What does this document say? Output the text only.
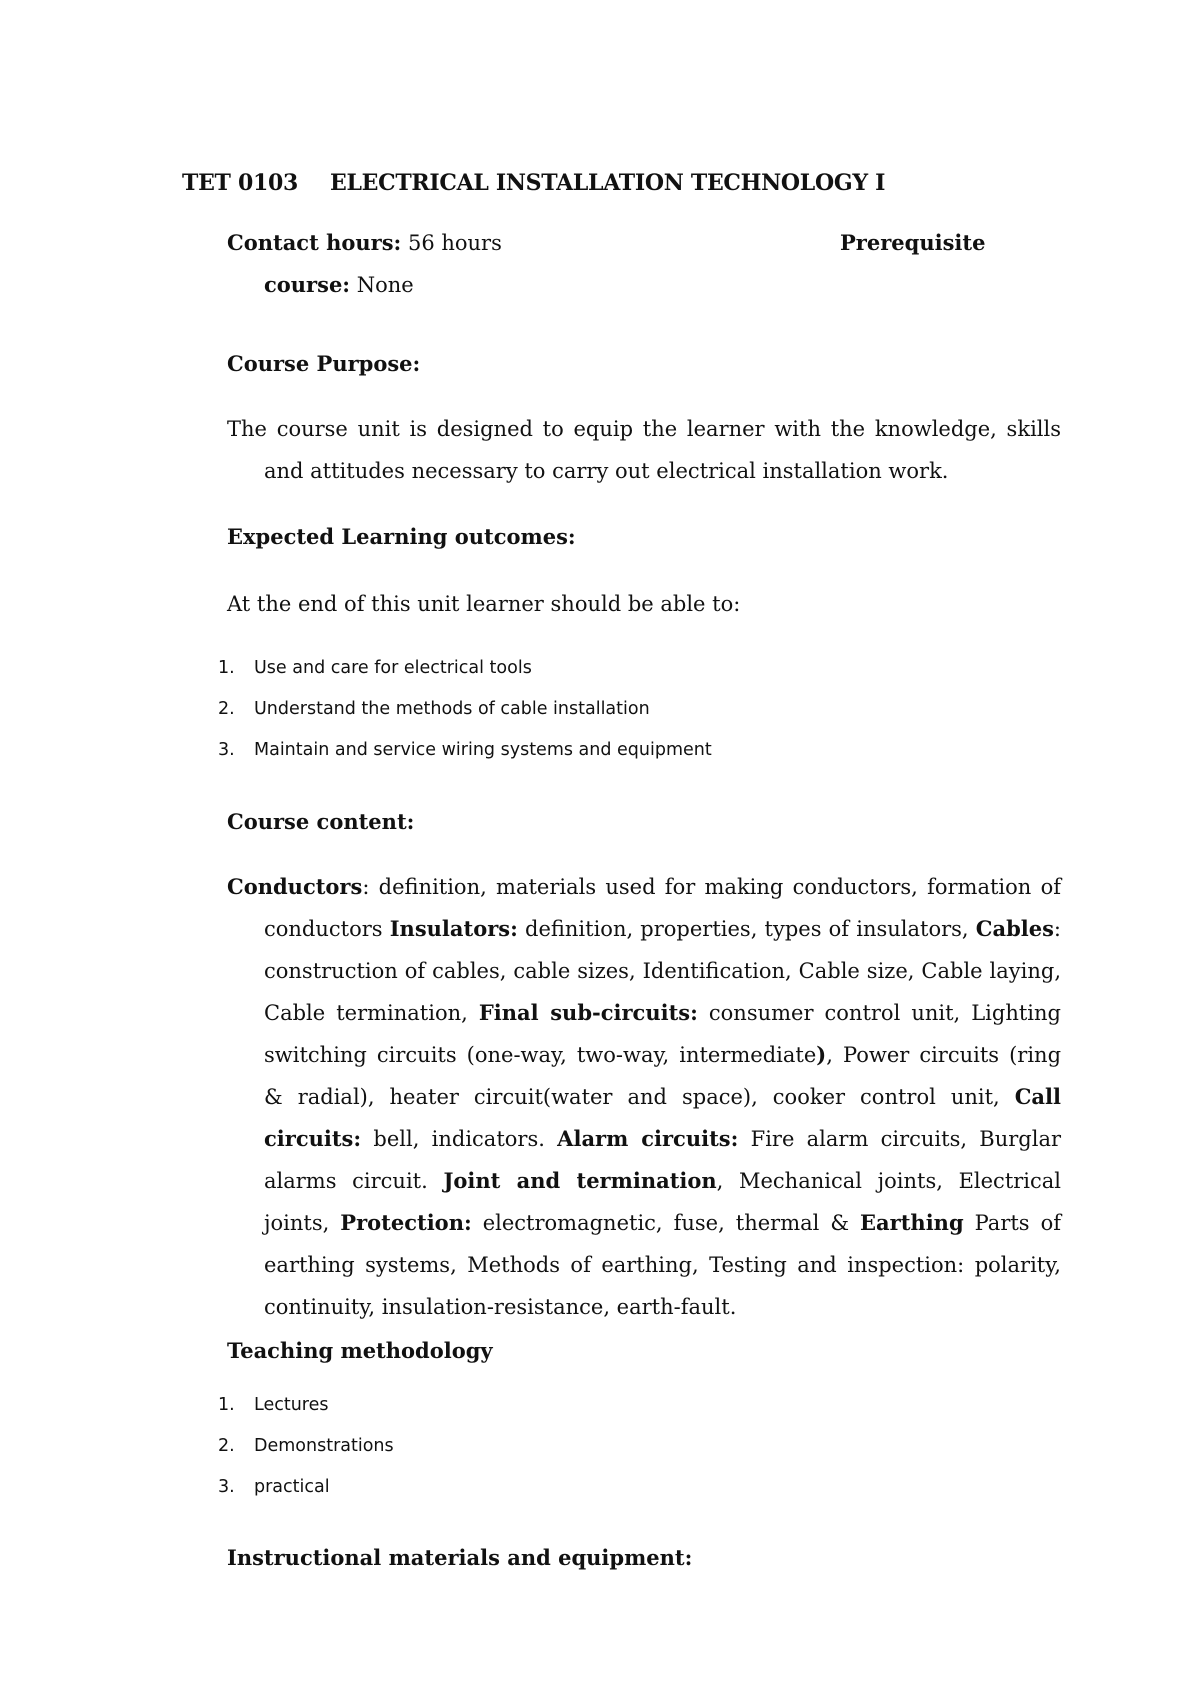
TET 0103 ELECTRICAL INSTALLATION TECHNOLOGY I
Contact hours: 56 hours	Prerequisite
course: None
Course Purpose:

The course unit is designed to equip the learner with the knowledge, skills and attitudes necessary to carry out electrical installation work.

Expected Learning outcomes:
At the end of this unit learner should be able to:
1. Use and care for electrical tools
2. Understand the methods of cable installation
3. Maintain and service wiring systems and equipment
Course content:

Conductors: definition, materials used for making conductors, formation of conductors Insulators: definition, properties, types of insulators, Cables: construction of cables, cable sizes, Identification, Cable size, Cable laying, Cable termination, Final sub-circuits: consumer control unit, Lighting switching circuits (one-way, two-way, intermediate), Power circuits (ring & radial), heater circuit(water and space), cooker control unit, Call circuits: bell, indicators. Alarm circuits: Fire alarm circuits, Burglar alarms circuit. Joint and termination, Mechanical joints, Electrical joints, Protection: electromagnetic, fuse, thermal & Earthing Parts of earthing systems, Methods of earthing, Testing and inspection: polarity, continuity, insulation-resistance, earth-fault.

Teaching methodology
1. Lectures
2. Demonstrations
3. practical
Instructional materials and equipment:
